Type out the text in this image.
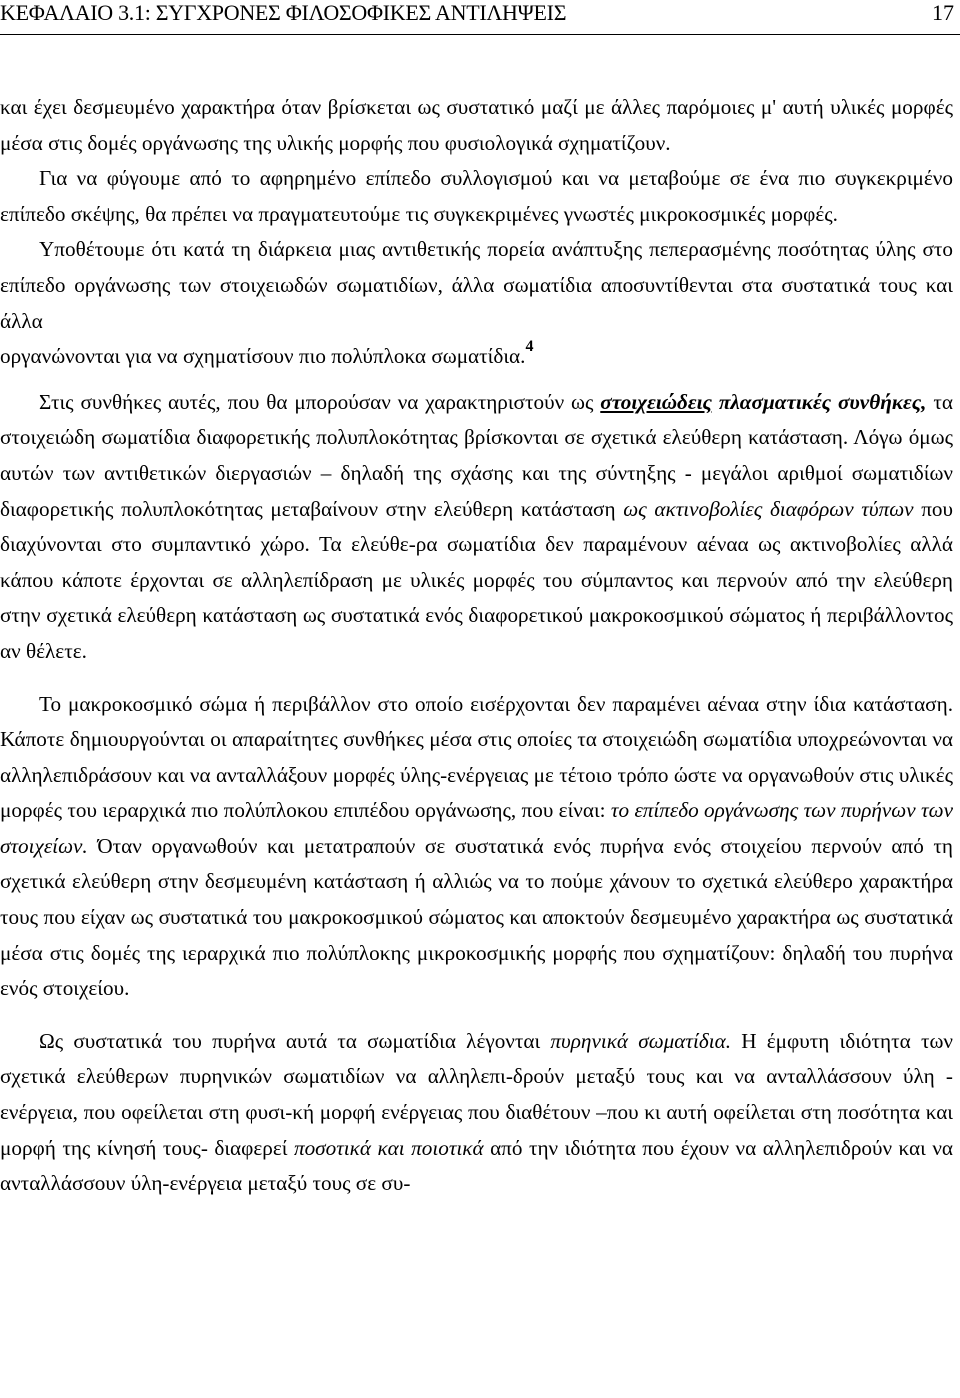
ΚΕΦΑΛΑΙΟ 3.1: ΣΥΓΧΡΟΝΕΣ ΦΙΛΟΣΟΦΙΚΕΣ ΑΝΤΙΛΗΨΕΙΣ	17

και έχει δεσμευμένο χαρακτήρα όταν βρίσκεται ως συστατικό μαζί με άλλες παρόμοιες μ' αυτή υλικές μορφές μέσα στις δομές οργάνωσης της υλικής μορφής που φυσιολογικά σχηματίζουν.

Για να φύγουμε από το αφηρημένο επίπεδο συλλογισμού και να μεταβούμε σε ένα πιο συγκεκριμένο επίπεδο σκέψης, θα πρέπει να πραγματευτούμε τις συγκεκριμένες γνωστές μικροκοσμικές μορφές.

Υποθέτουμε ότι κατά τη διάρκεια μιας αντιθετικής πορεία ανάπτυξης πεπερασμένης ποσότητας ύλης στο επίπεδο οργάνωσης των στοιχειωδών σωματιδίων, άλλα σωματίδια αποσυντίθενται στα συστατικά τους και άλλα
οργανώνονται για να σχηματίσουν πιο πολύπλοκα σωματίδια.$^4$

Στις συνθήκες αυτές, που θα μπορούσαν να χαρακτηριστούν ως στοιχειώδεις πλασματικές συνθήκες, τα στοιχειώδη σωματίδια διαφορετικής πολυπλοκότητας βρίσκονται σε σχετικά ελεύθερη κατάσταση. Λόγω όμως αυτών των αντιθετικών διεργασιών – δηλαδή της σχάσης και της σύντηξης - μεγάλοι αριθμοί σωματιδίων διαφορετικής πολυπλοκότητας μεταβαίνουν στην ελεύθερη κατάσταση ως ακτινοβολίες διαφόρων τύπων που διαχύνονται στο συμπαντικό χώρο. Τα ελεύθε-ρα σωματίδια δεν παραμένουν αέναα ως ακτινοβολίες αλλά κάπου κάποτε έρχονται σε αλληλεπίδραση με υλικές μορφές του σύμπαντος και περνούν από την ελεύθερη στην σχετικά ελεύθερη κατάσταση ως συστατικά ενός διαφορετικού μακροκοσμικού σώματος ή περιβάλλοντος αν θέλετε.

Το μακροκοσμικό σώμα ή περιβάλλον στο οποίο εισέρχονται δεν παραμένει αέναα στην ίδια κατάσταση. Κάποτε δημιουργούνται οι απαραίτητες συνθήκες μέσα στις οποίες τα στοιχειώδη σωματίδια υποχρεώνονται να αλληλεπιδράσουν και να ανταλλάξουν μορφές ύλης-ενέργειας με τέτοιο τρόπο ώστε να οργανωθούν στις υλικές μορφές του ιεραρχικά πιο πολύπλοκου επιπέδου οργάνωσης, που είναι: το επίπεδο οργάνωσης των πυρήνων των στοιχείων. Όταν οργανωθούν και μετατραπούν σε συστατικά ενός πυρήνα ενός στοιχείου περνούν από τη σχετικά ελεύθερη στην δεσμευμένη κατάσταση ή αλλιώς να το πούμε χάνουν το σχετικά ελεύθερο χαρακτήρα τους που είχαν ως συστατικά του μακροκοσμικού σώματος και αποκτούν δεσμευμένο χαρακτήρα ως συστατικά μέσα στις δομές της ιεραρχικά πιο πολύπλοκης μικροκοσμικής μορφής που σχηματίζουν: δηλαδή του πυρήνα ενός στοιχείου.

Ως συστατικά του πυρήνα αυτά τα σωματίδια λέγονται πυρηνικά σωματίδια. Η έμφυτη ιδιότητα των σχετικά ελεύθερων πυρηνικών σωματιδίων να αλληλεπι-δρούν μεταξύ τους και να ανταλλάσσουν ύλη - ενέργεια, που οφείλεται στη φυσι-κή μορφή ενέργειας που διαθέτουν –που κι αυτή οφείλεται στη ποσότητα και μορφή της κίνησή τους- διαφερεί ποσοτικά και ποιοτικά από την ιδιότητα που έχουν να αλληλεπιδρούν και να ανταλλάσσουν ύλη-ενέργεια μεταξύ τους σε συ-
